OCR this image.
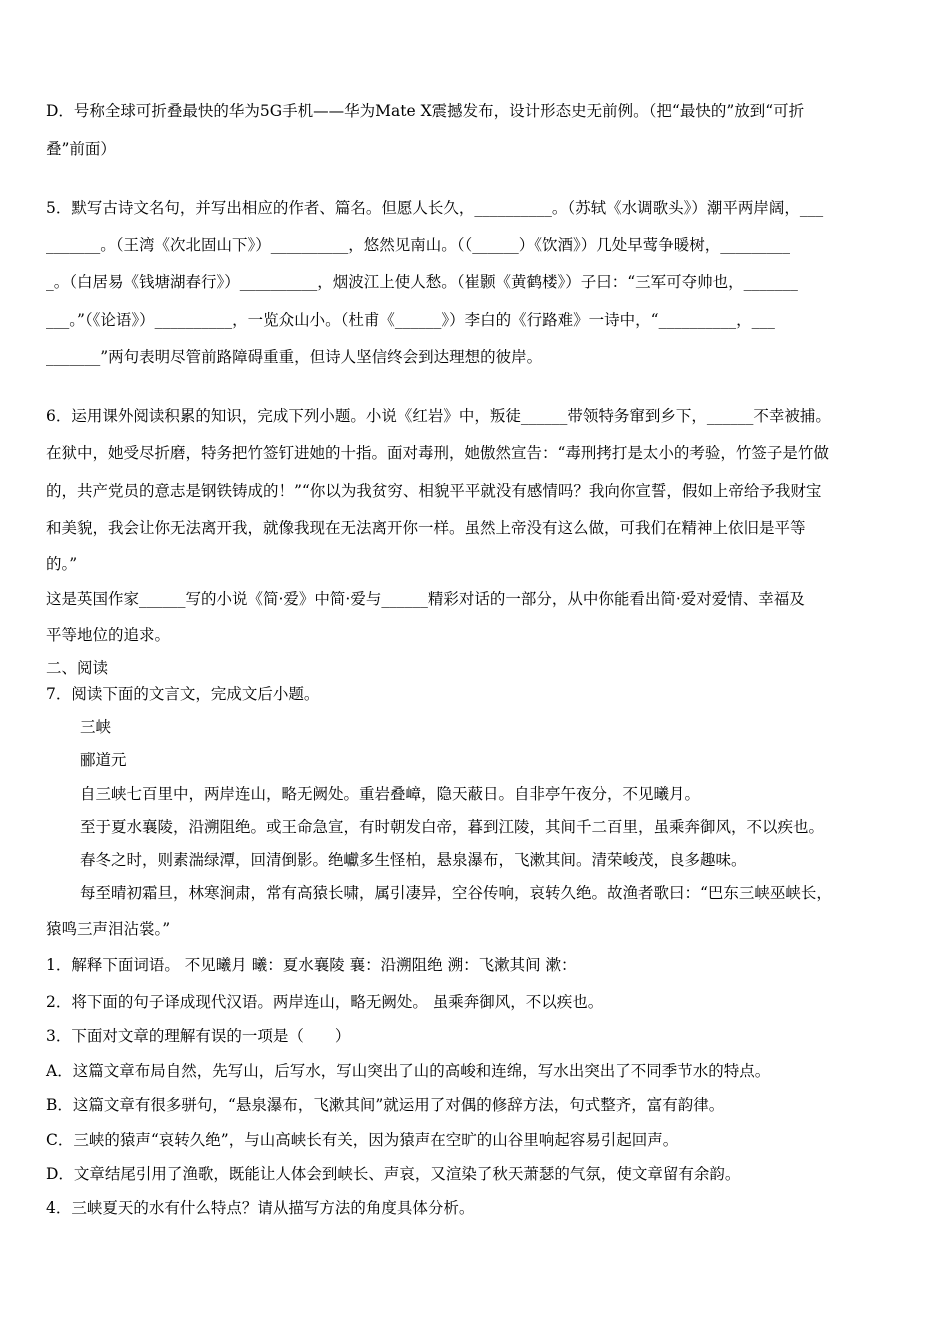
D．号称全球可折叠最快的华为5G手机——华为Mate X震撼发布，设计形态史无前例。（把“最快的”放到“可折
叠”前面）
5．默写古诗文名句，并写出相应的作者、篇名。但愿人长久，__________。（苏轼《水调歌头》）潮平两岸阔，___
_______。（王湾《次北固山下》）__________，悠然见南山。（（______）《饮酒》）几处早莺争暖树，_________
_。（白居易《钱塘湖春行》）__________，烟波江上使人愁。（崔颢《黄鹤楼》）子曰：“三军可夺帅也，_______
___。”（《论语》）__________，一览众山小。（杜甫《______》）李白的《行路难》一诗中，“__________，___
_______”两句表明尽管前路障碍重重，但诗人坚信终会到达理想的彼岸。
6．运用课外阅读积累的知识，完成下列小题。小说《红岩》中，叛徒______带领特务窜到乡下，______不幸被捕。
在狱中，她受尽折磨，特务把竹签钉进她的十指。面对毒刑，她傲然宣告：“毒刑拷打是太小的考验，竹签子是竹做
的，共产党员的意志是钢铁铸成的！”“你以为我贫穷、相貌平平就没有感情吗？我向你宣誓，假如上帝给予我财宝
和美貌，我会让你无法离开我，就像我现在无法离开你一样。虽然上帝没有这么做，可我们在精神上依旧是平等
的。”
这是英国作家______写的小说《简·爱》中简·爱与______精彩对话的一部分，从中你能看出简·爱对爱情、幸福及
平等地位的追求。
二、阅读
7．阅读下面的文言文，完成文后小题。
三峡
郦道元
自三峡七百里中，两岸连山，略无阙处。重岩叠嶂，隐天蔽日。自非亭午夜分，不见曦月。
至于夏水襄陵，沿溯阻绝。或王命急宣，有时朝发白帝，暮到江陵，其间千二百里，虽乘奔御风，不以疾也。
春冬之时，则素湍绿潭，回清倒影。绝巘多生怪柏，悬泉瀑布，飞漱其间。清荣峻茂，良多趣味。
每至晴初霜旦，林寒涧肃，常有高猿长啸，属引凄异，空谷传响，哀转久绝。故渔者歌曰：“巴东三峡巫峡长，
猿鸣三声泪沾裳。”
1．解释下面词语。 不见曦月 曦：夏水襄陵 襄：沿溯阻绝 溯：飞漱其间 漱：
2．将下面的句子译成现代汉语。两岸连山，略无阙处。 虽乘奔御风，不以疾也。
3．下面对文章的理解有误的一项是（　　）
A．这篇文章布局自然，先写山，后写水，写山突出了山的高峻和连绵，写水出突出了不同季节水的特点。
B．这篇文章有很多骈句，“悬泉瀑布，飞漱其间”就运用了对偶的修辞方法，句式整齐，富有韵律。
C．三峡的猿声“哀转久绝”，与山高峡长有关，因为猿声在空旷的山谷里响起容易引起回声。
D．文章结尾引用了渔歌，既能让人体会到峡长、声哀，又渲染了秋天萧瑟的气氛，使文章留有余韵。
4．三峡夏天的水有什么特点？请从描写方法的角度具体分析。
